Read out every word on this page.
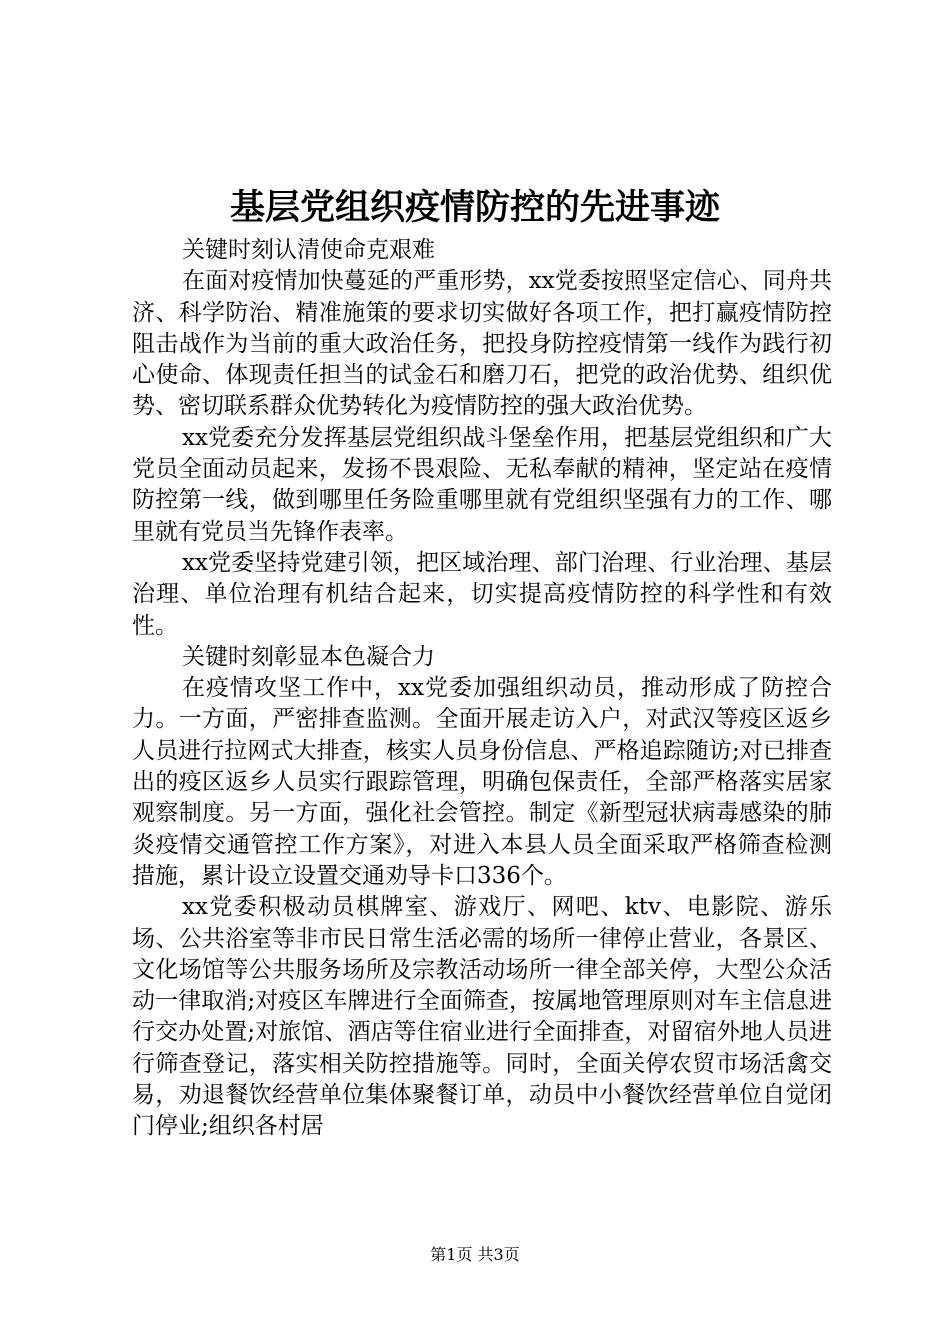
基层党组织疫情防控的先进事迹

关键时刻认清使命克艰难

在面对疫情加快蔓延的严重形势，xx党委按照坚定信心、同舟共济、科学防治、精准施策的要求切实做好各项工作，把打赢疫情防控阻击战作为当前的重大政治任务，把投身防控疫情第一线作为践行初心使命、体现责任担当的试金石和磨刀石，把党的政治优势、组织优势、密切联系群众优势转化为疫情防控的强大政治优势。

xx党委充分发挥基层党组织战斗堡垒作用，把基层党组织和广大党员全面动员起来，发扬不畏艰险、无私奉献的精神，坚定站在疫情防控第一线，做到哪里任务险重哪里就有党组织坚强有力的工作、哪里就有党员当先锋作表率。

xx党委坚持党建引领，把区域治理、部门治理、行业治理、基层治理、单位治理有机结合起来，切实提高疫情防控的科学性和有效性。

关键时刻彰显本色凝合力

在疫情攻坚工作中，xx党委加强组织动员，推动形成了防控合力。一方面，严密排查监测。全面开展走访入户，对武汉等疫区返乡人员进行拉网式大排查，核实人员身份信息、严格追踪随访;对已排查出的疫区返乡人员实行跟踪管理，明确包保责任，全部严格落实居家观察制度。另一方面，强化社会管控。制定《新型冠状病毒感染的肺炎疫情交通管控工作方案》，对进入本县人员全面采取严格筛查检测措施，累计设立设置交通劝导卡口336个。

xx党委积极动员棋牌室、游戏厅、网吧、ktv、电影院、游乐场、公共浴室等非市民日常生活必需的场所一律停止营业，各景区、文化场馆等公共服务场所及宗教活动场所一律全部关停，大型公众活动一律取消;对疫区车牌进行全面筛查，按属地管理原则对车主信息进行交办处置;对旅馆、酒店等住宿业进行全面排查，对留宿外地人员进行筛查登记，落实相关防控措施等。同时，全面关停农贸市场活禽交易，劝退餐饮经营单位集体聚餐订单，动员中小餐饮经营单位自觉闭门停业;组织各村居

第1页 共3页
